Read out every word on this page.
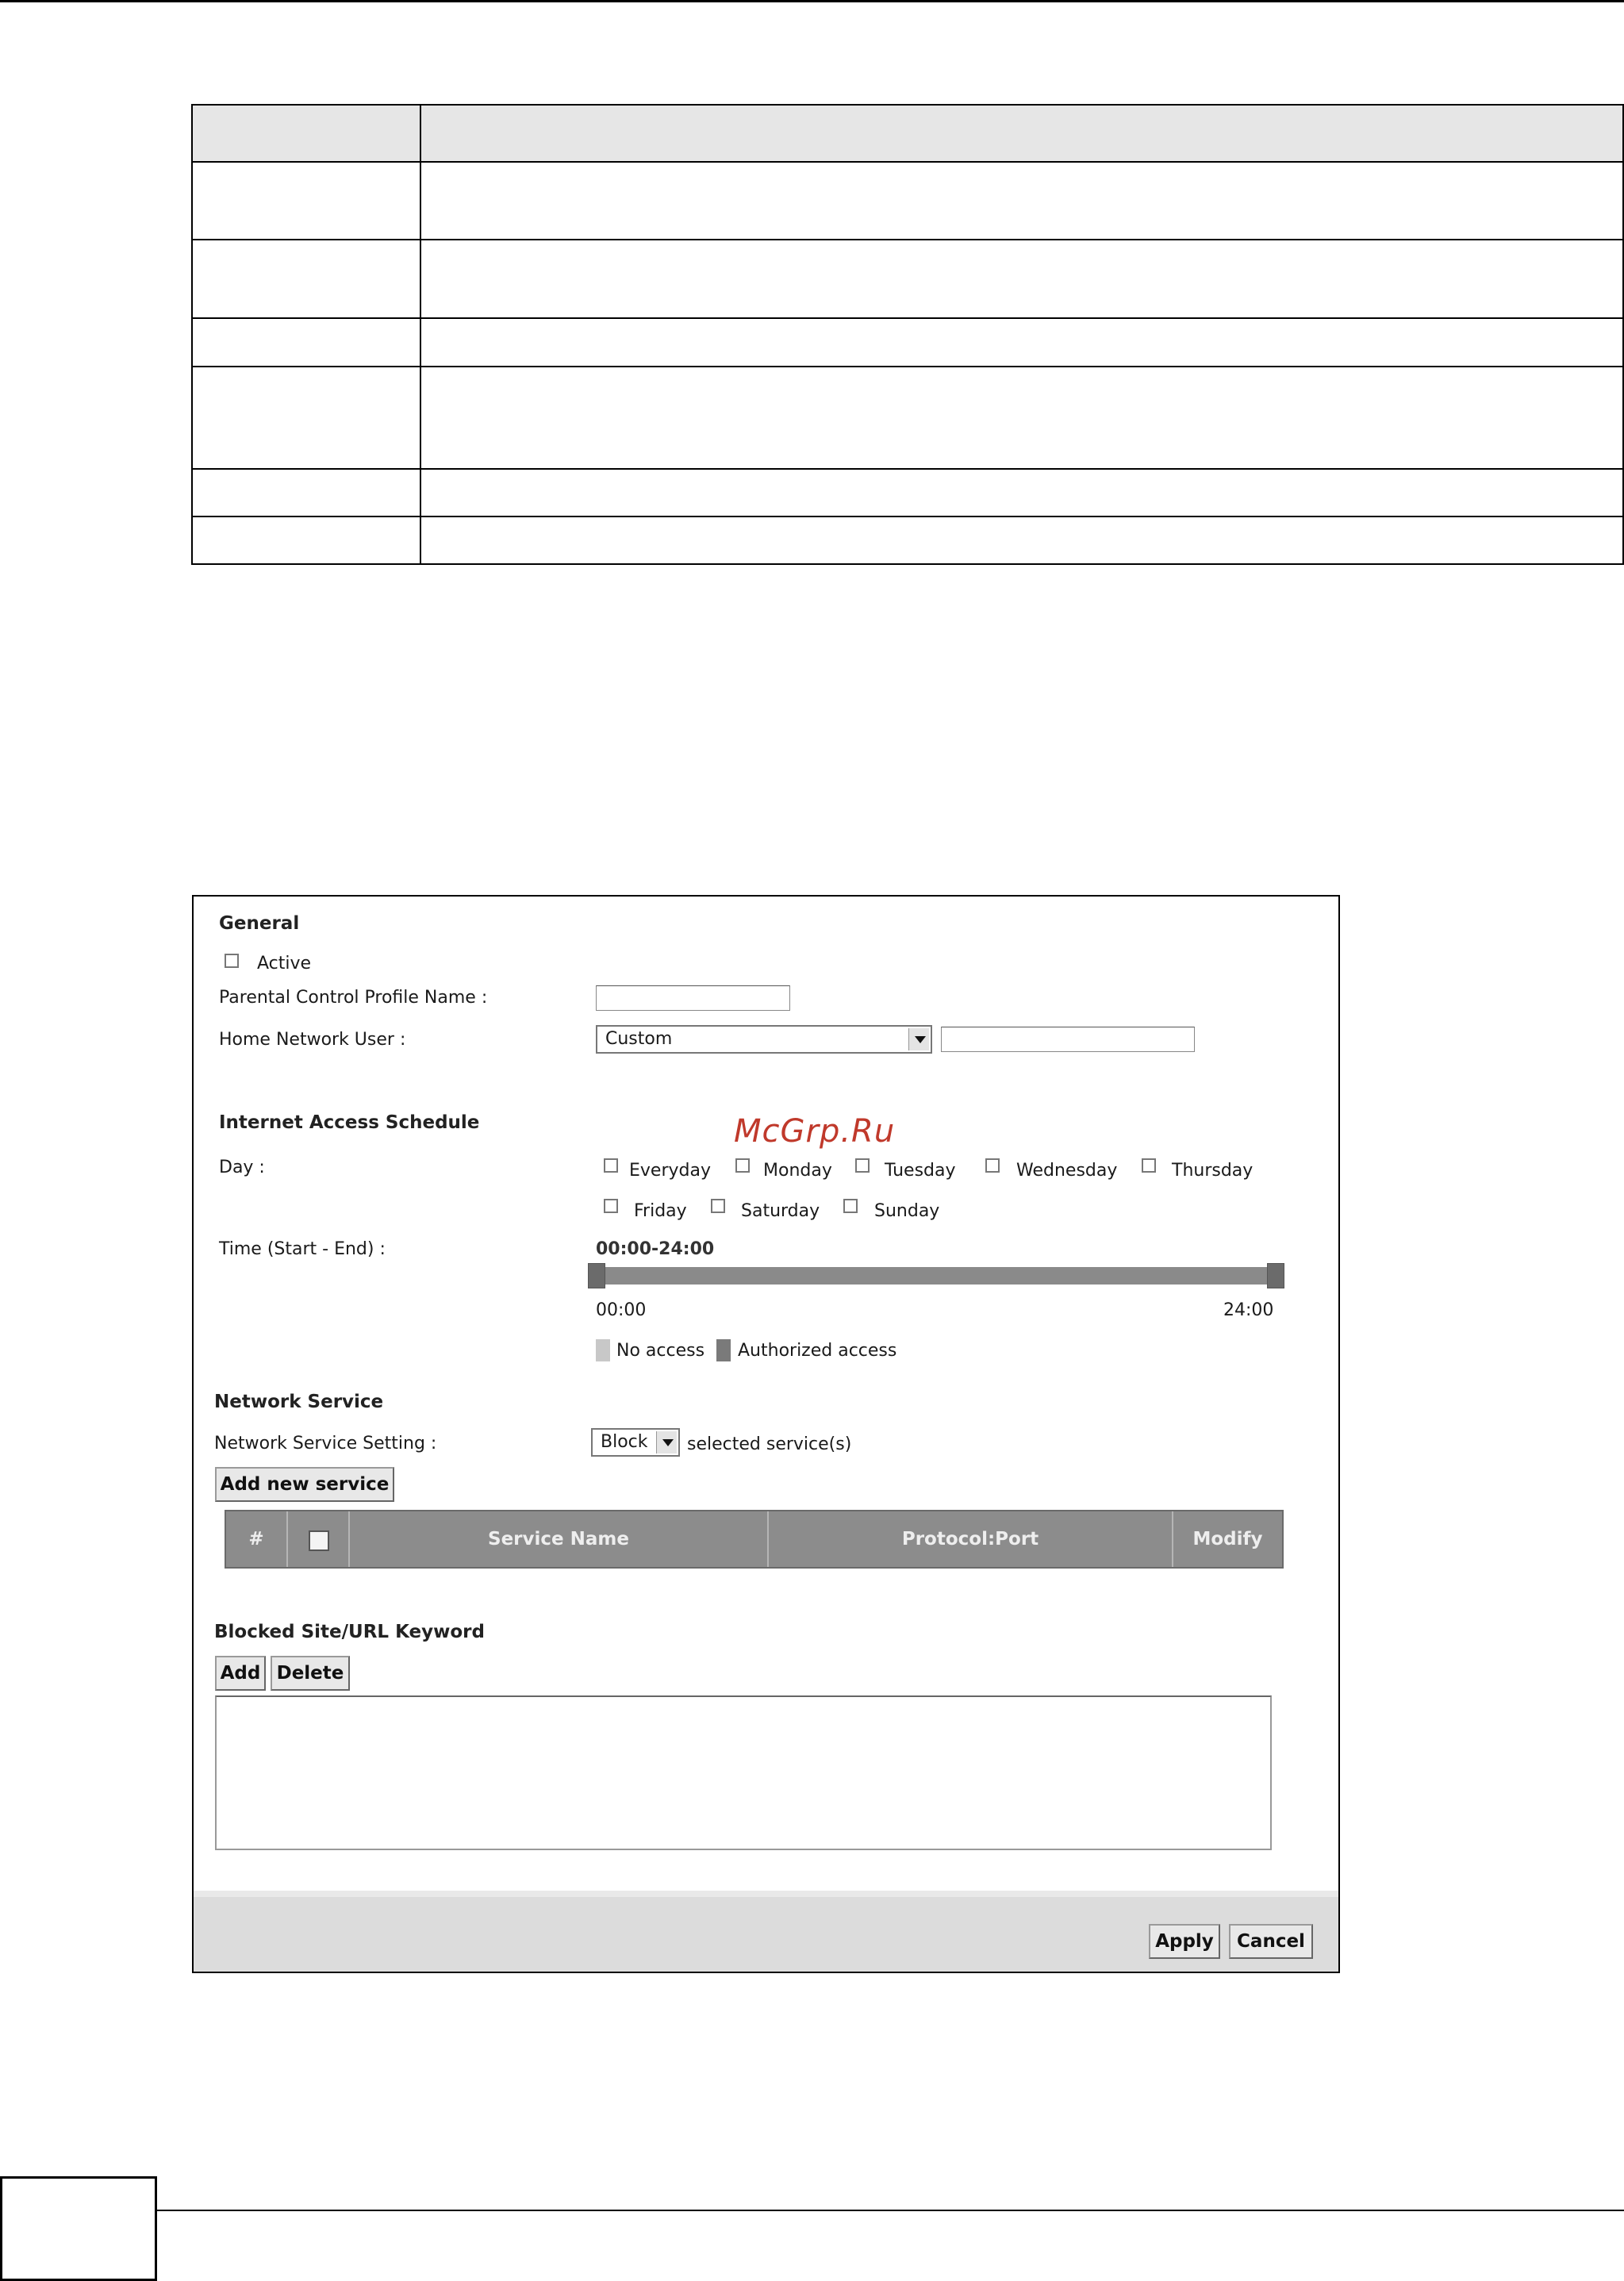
General
Active
Parental Control Profile Name :
Home Network User :	Custom
Internet Access Schedule
Day :	Everyday	Monday	Tuesday	Wednesday	Thursday
Friday	Saturday	Sunday
Time (Start - End) :	00:00-24:00
00:00	24:00
No access Authorized access
Network Service
Network Service Setting :	Block selected service(s)
Add new service
#	Service Name	Protocol:Port	Modify
Blocked Site/URL Keyword
Add Delete
Apply	Cancel
McGrp.Ru
